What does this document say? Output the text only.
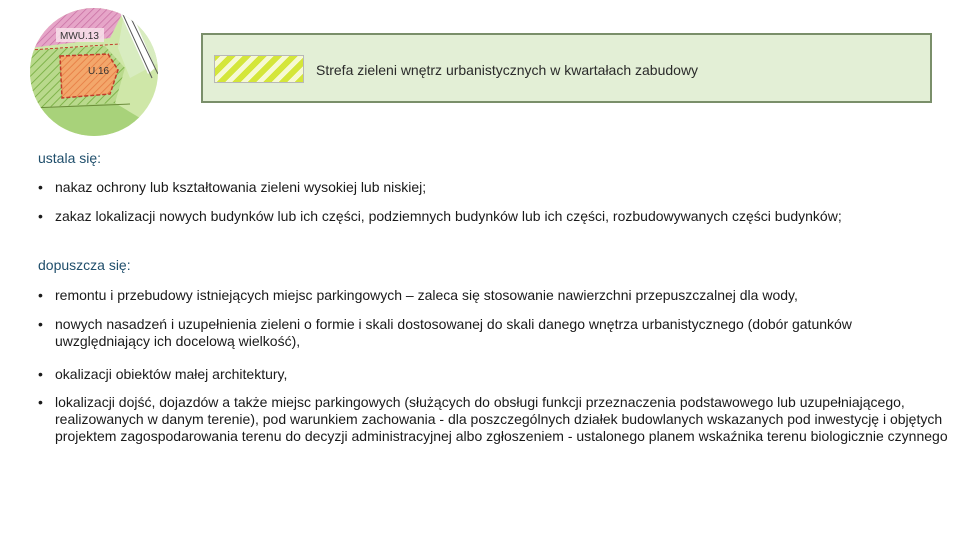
MWU.13
U.16	Strefa zieleni wnętrz urbanistycznych w kwartałach zabudowy
ustala się:
• nakaz ochrony lub kształtowania zieleni wysokiej lub niskiej;
• zakaz lokalizacji nowych budynków lub ich części, podziemnych budynków lub ich części, rozbudowywanych części budynków;
dopuszcza się:
• remontu i przebudowy istniejących miejsc parkingowych – zaleca się stosowanie nawierzchni przepuszczalnej dla wody,
• nowych nasadzeń i uzupełnienia zieleni o formie i skali dostosowanej do skali danego wnętrza urbanistycznego (dobór gatunków uwzględniający ich docelową wielkość),
• okalizacji obiektów małej architektury,
• lokalizacji dojść, dojazdów a także miejsc parkingowych (służących do obsługi funkcji przeznaczenia podstawowego lub uzupełniającego, realizowanych w danym terenie), pod warunkiem zachowania - dla poszczególnych działek budowlanych wskazanych pod inwestycję i objętych projektem zagospodarowania terenu do decyzji administracyjnej albo zgłoszeniem - ustalonego planem wskaźnika terenu biologicznie czynnego
